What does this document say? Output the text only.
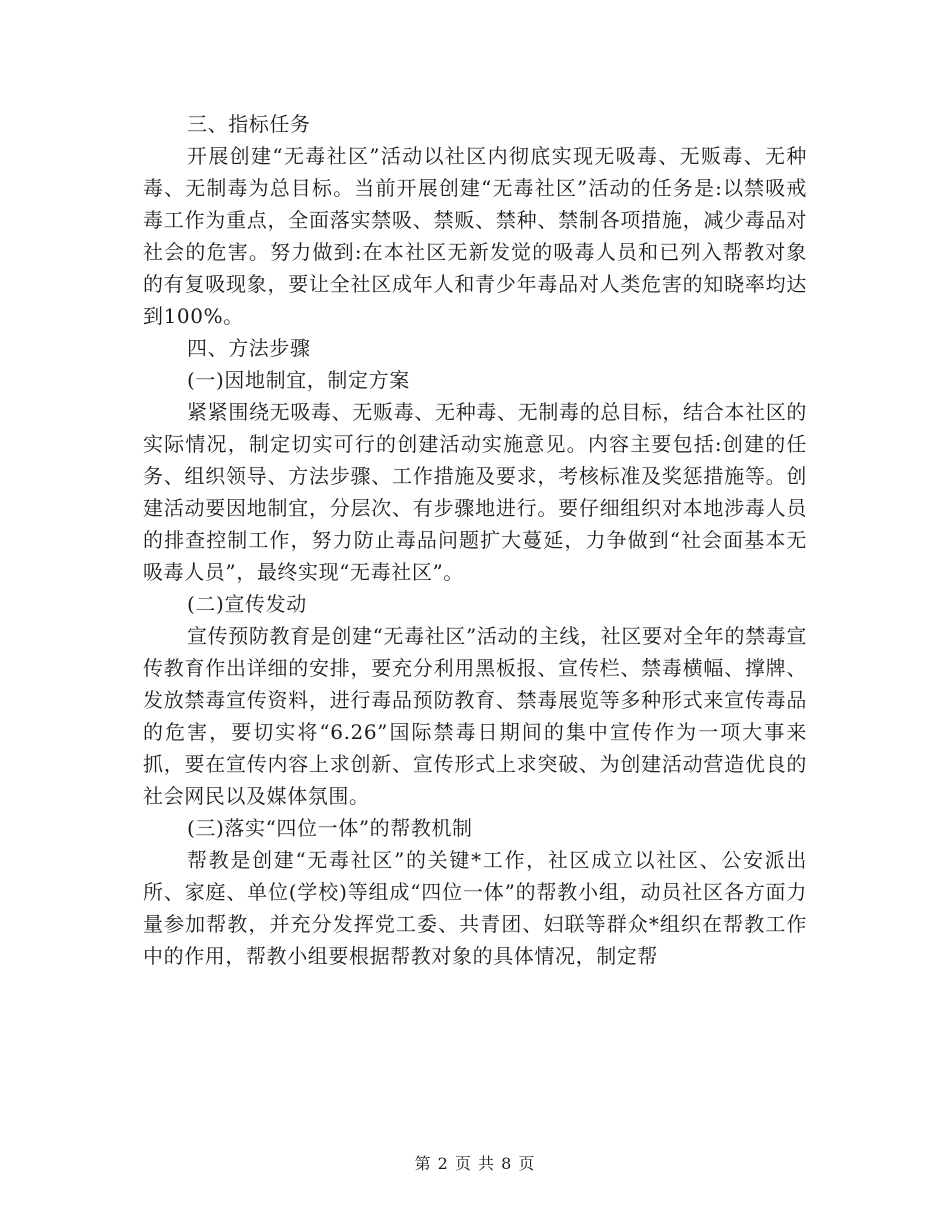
三、指标任务

开展创建“无毒社区”活动以社区内彻底实现无吸毒、无贩毒、无种毒、无制毒为总目标。当前开展创建“无毒社区”活动的任务是:以禁吸戒毒工作为重点，全面落实禁吸、禁贩、禁种、禁制各项措施，减少毒品对社会的危害。努力做到:在本社区无新发觉的吸毒人员和已列入帮教对象的有复吸现象，要让全社区成年人和青少年毒品对人类危害的知晓率均达到100%。

四、方法步骤

(一)因地制宜，制定方案

紧紧围绕无吸毒、无贩毒、无种毒、无制毒的总目标，结合本社区的实际情况，制定切实可行的创建活动实施意见。内容主要包括:创建的任务、组织领导、方法步骤、工作措施及要求，考核标准及奖惩措施等。创建活动要因地制宜，分层次、有步骤地进行。要仔细组织对本地涉毒人员的排查控制工作，努力防止毒品问题扩大蔓延，力争做到“社会面基本无吸毒人员”，最终实现“无毒社区”。

(二)宣传发动

宣传预防教育是创建“无毒社区”活动的主线，社区要对全年的禁毒宣传教育作出详细的安排，要充分利用黑板报、宣传栏、禁毒横幅、撑牌、发放禁毒宣传资料，进行毒品预防教育、禁毒展览等多种形式来宣传毒品的危害，要切实将“6.26”国际禁毒日期间的集中宣传作为一项大事来抓，要在宣传内容上求创新、宣传形式上求突破、为创建活动营造优良的社会网民以及媒体氛围。

(三)落实“四位一体”的帮教机制

帮教是创建“无毒社区”的关键*工作，社区成立以社区、公安派出所、家庭、单位(学校)等组成“四位一体”的帮教小组，动员社区各方面力量参加帮教，并充分发挥党工委、共青团、妇联等群众*组织在帮教工作中的作用，帮教小组要根据帮教对象的具体情况，制定帮

第 2 页 共 8 页
